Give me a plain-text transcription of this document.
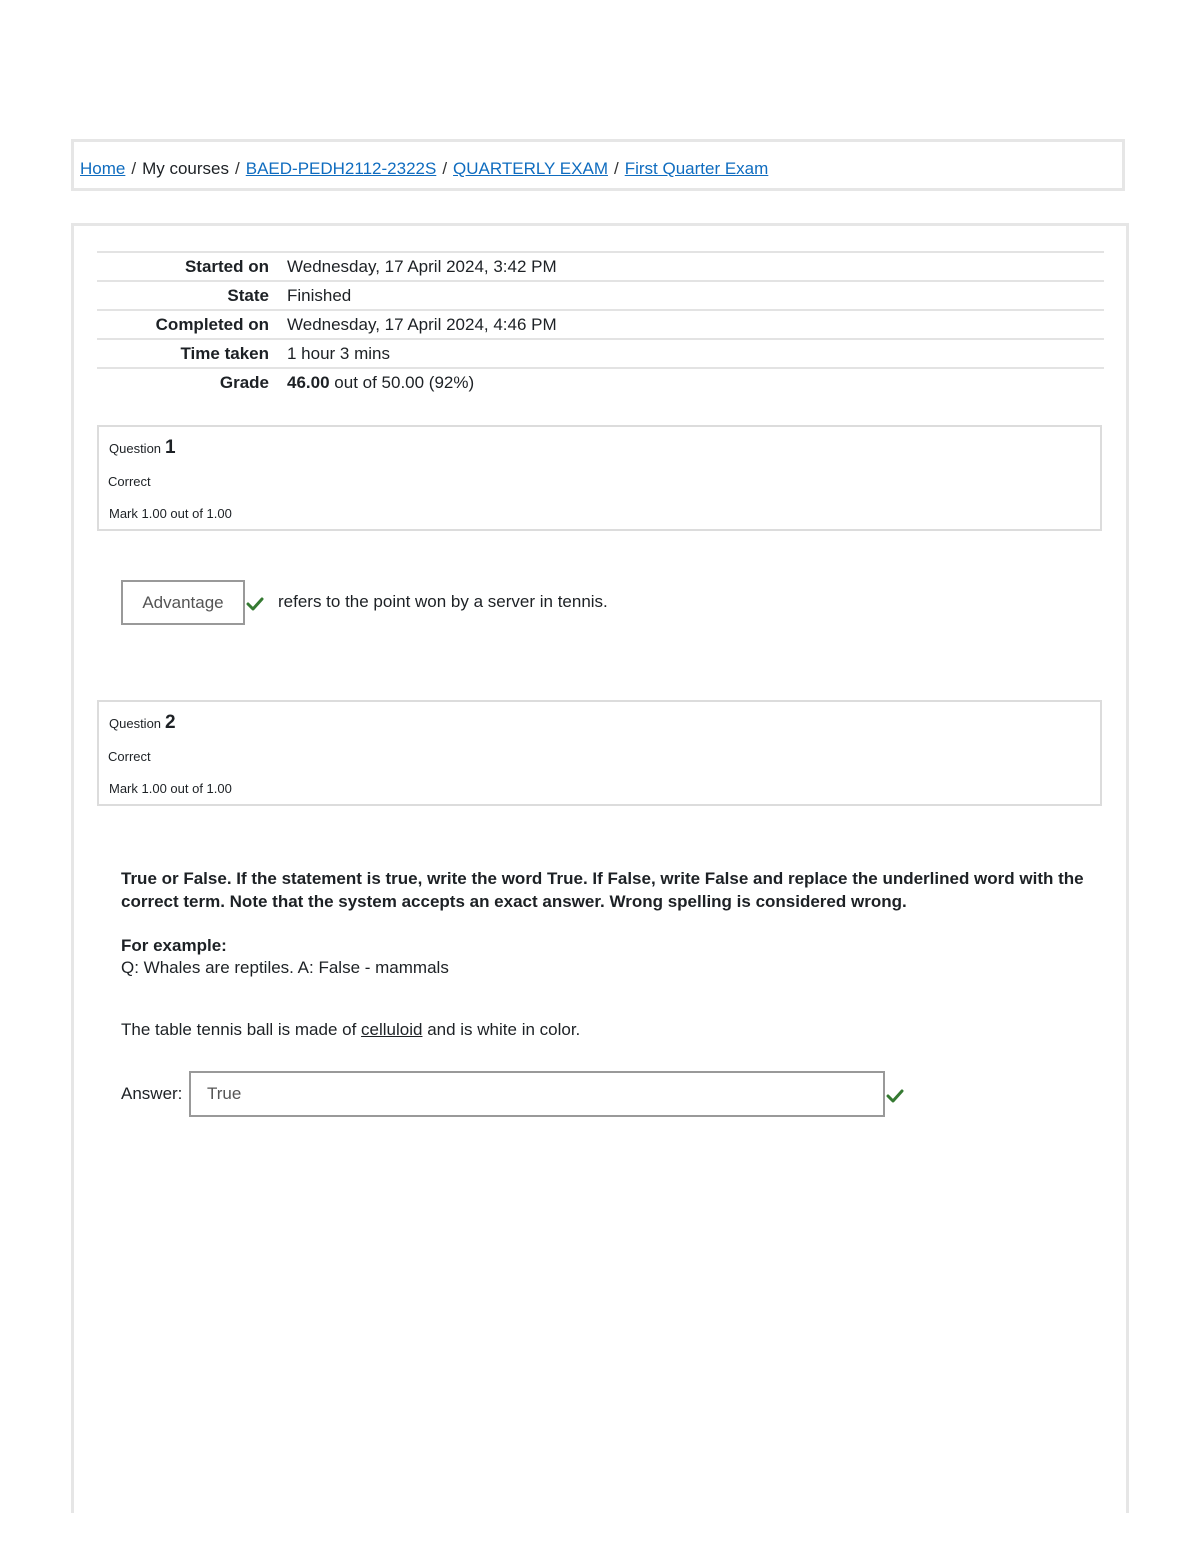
Home / My courses / BAED-PEDH2112-2322S / QUARTERLY EXAM / First Quarter Exam
Started on	Wednesday, 17 April 2024, 3:42 PM
State	Finished
Completed on	Wednesday, 17 April 2024, 4:46 PM
Time taken	1 hour 3 mins
Grade	46.00 out of 50.00 (92%)
Question 1
Correct
Mark 1.00 out of 1.00
Advantage	refers to the point won by a server in tennis.
Question 2
Correct
Mark 1.00 out of 1.00
True or False. If the statement is true, write the word True. If False, write False and replace the underlined word with the correct term. Note that the system accepts an exact answer. Wrong spelling is considered wrong.
For example:
Q: Whales are reptiles. A: False - mammals
The table tennis ball is made of celluloid and is white in color.
Answer:	True
